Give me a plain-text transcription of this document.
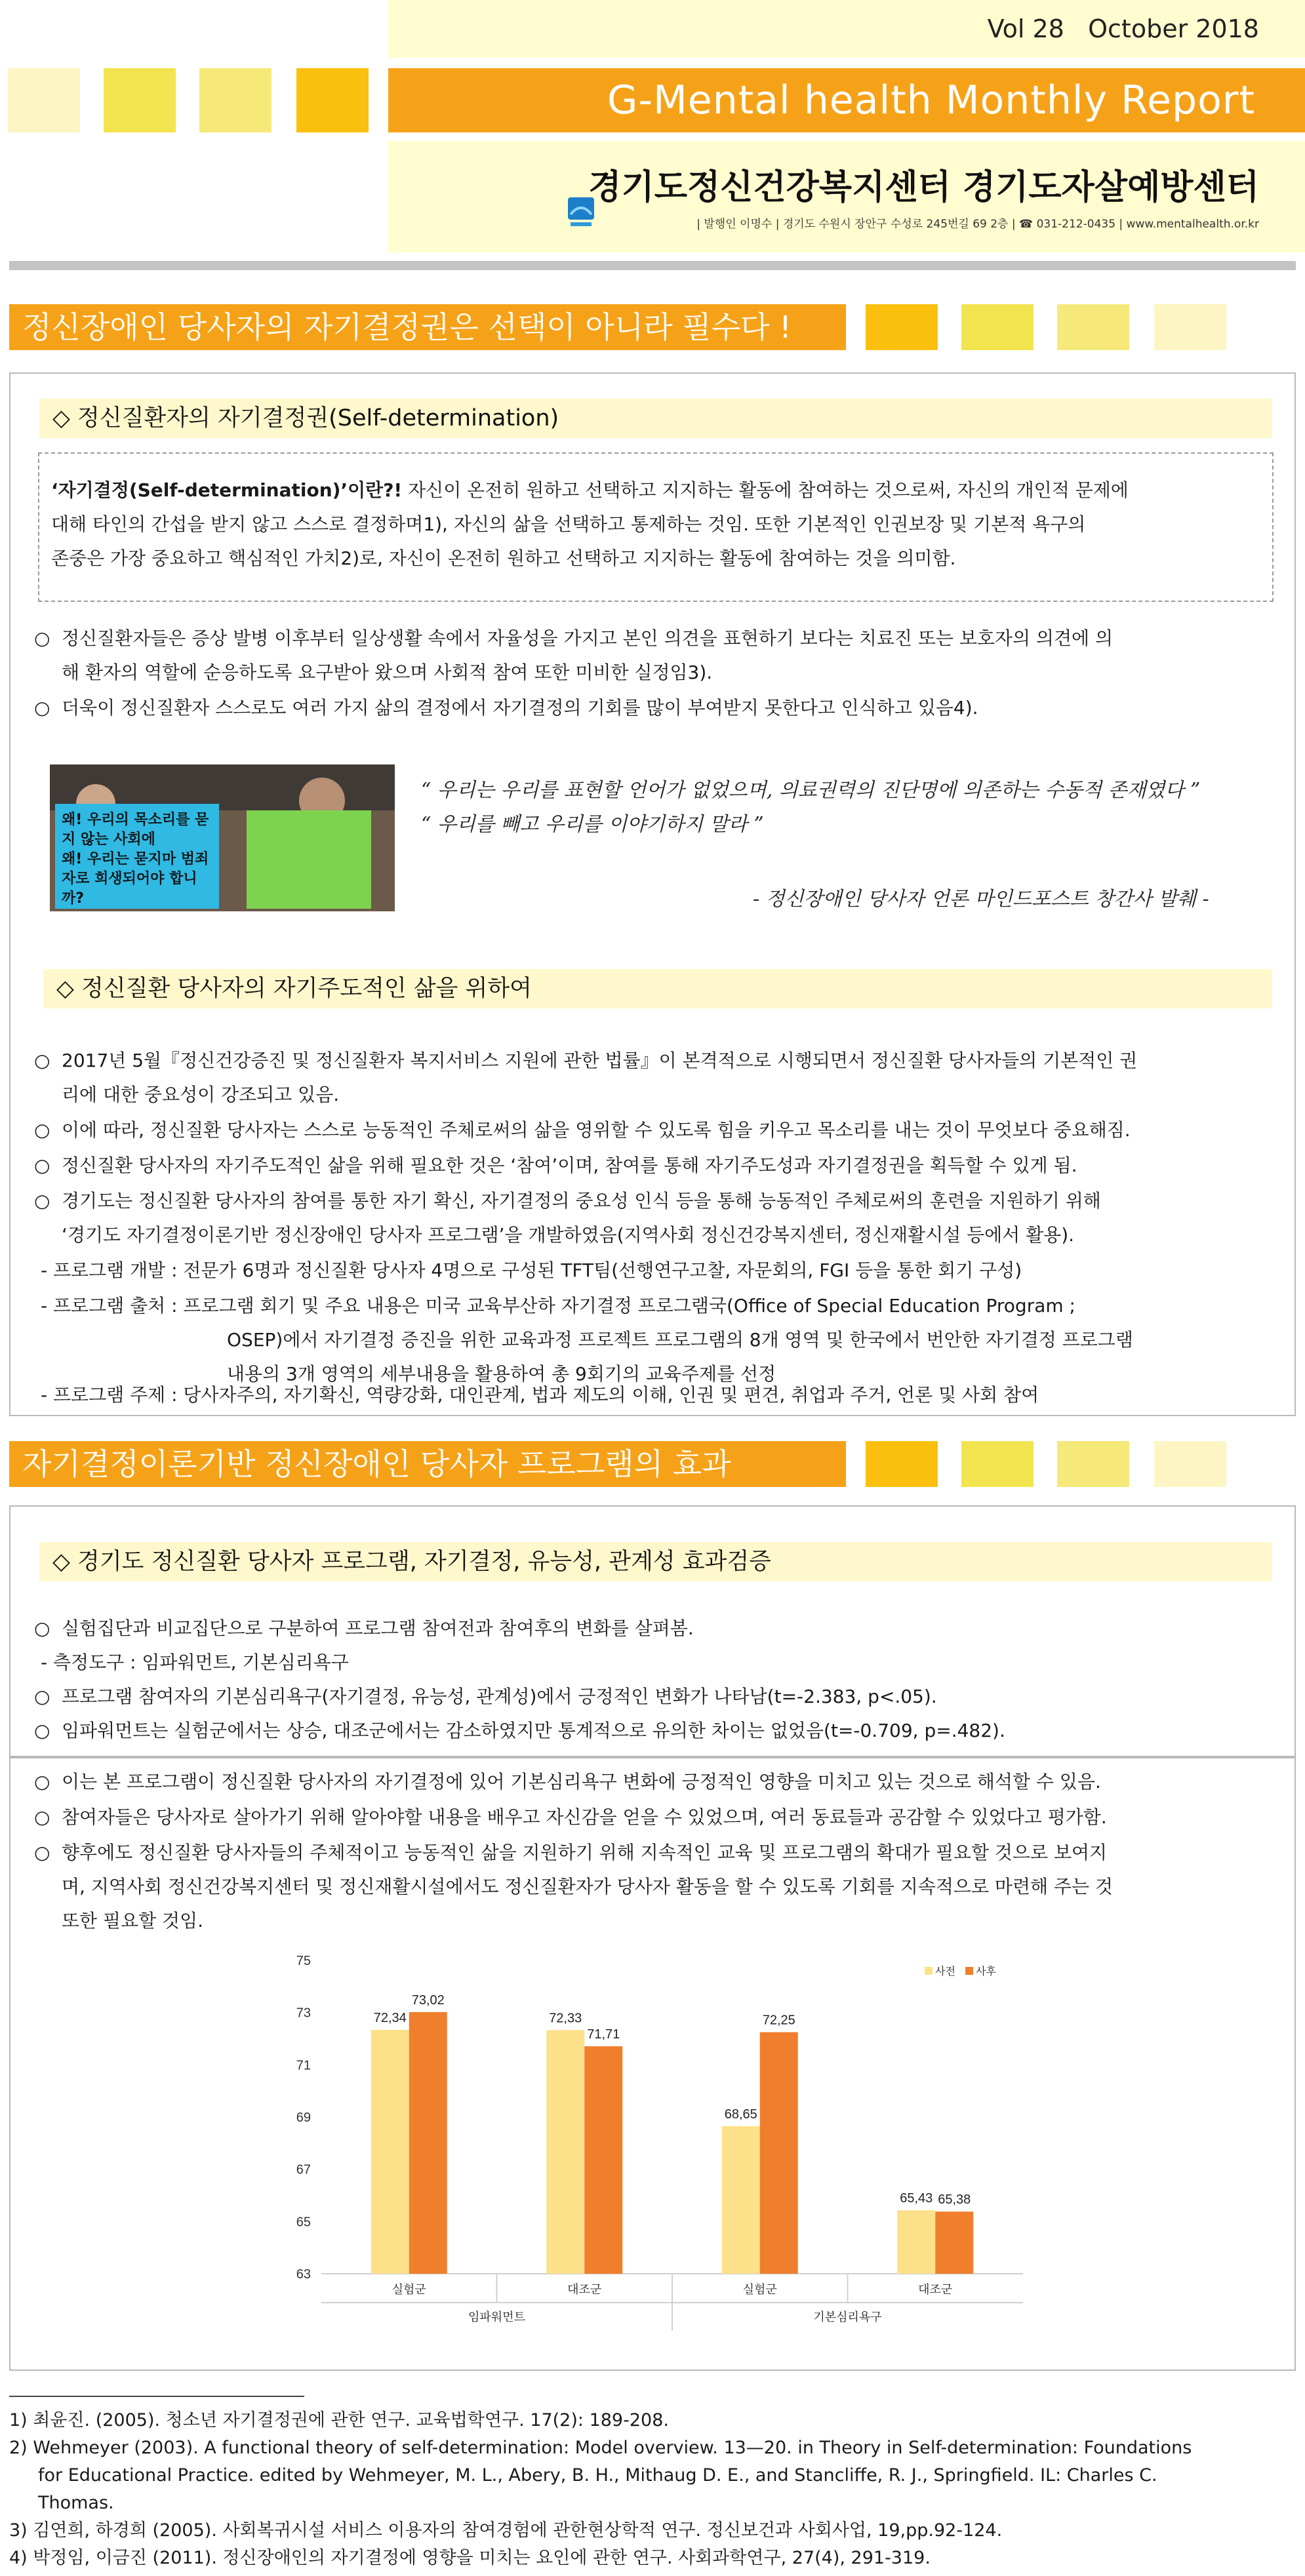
Vol 28 October 2018
G-Mental health Monthly Report
경기도정신건강복지센터 경기도자살예방센터
| 발행인 이명수 | 경기도 수원시 장안구 수성로 245번길 69 2층 | ☎ 031-212-0435 | www.mentalhealth.or.kr
정신장애인 당사자의 자기결정권은 선택이 아니라 필수다 !
◇ 정신질환자의 자기결정권(Self-determination)
‘자기결정(Self-determination)’이란?! 자신이 온전히 원하고 선택하고 지지하는 활동에 참여하는 것으로써, 자신의 개인적 문제에
대해 타인의 간섭을 받지 않고 스스로 결정하며1), 자신의 삶을 선택하고 통제하는 것임. 또한 기본적인 인권보장 및 기본적 욕구의
존중은 가장 중요하고 핵심적인 가치2)로, 자신이 온전히 원하고 선택하고 지지하는 활동에 참여하는 것을 의미함.
○ 정신질환자들은 증상 발병 이후부터 일상생활 속에서 자율성을 가지고 본인 의견을 표현하기 보다는 치료진 또는 보호자의 의견에 의
해 환자의 역할에 순응하도록 요구받아 왔으며 사회적 참여 또한 미비한 실정임3).
○ 더욱이 정신질환자 스스로도 여러 가지 삶의 결정에서 자기결정의 기회를 많이 부여받지 못한다고 인식하고 있음4).
왜! 우리의 목소리를 묻지 않는 사회에
왜! 우리는 묻지마 범죄자로 희생되어야 합니까?
“ 우리는 우리를 표현할 언어가 없었으며, 의료권력의 진단명에 의존하는 수동적 존재였다 ”
“ 우리를 빼고 우리를 이야기하지 말라 ”
- 정신장애인 당사자 언론 마인드포스트 창간사 발췌 -
◇ 정신질환 당사자의 자기주도적인 삶을 위하여
○ 2017년 5월『정신건강증진 및 정신질환자 복지서비스 지원에 관한 법률』이 본격적으로 시행되면서 정신질환 당사자들의 기본적인 권
리에 대한 중요성이 강조되고 있음.
○ 이에 따라, 정신질환 당사자는 스스로 능동적인 주체로써의 삶을 영위할 수 있도록 힘을 키우고 목소리를 내는 것이 무엇보다 중요해짐.
○ 정신질환 당사자의 자기주도적인 삶을 위해 필요한 것은 ‘참여’이며, 참여를 통해 자기주도성과 자기결정권을 획득할 수 있게 됨.
○ 경기도는 정신질환 당사자의 참여를 통한 자기 확신, 자기결정의 중요성 인식 등을 통해 능동적인 주체로써의 훈련을 지원하기 위해
‘경기도 자기결정이론기반 정신장애인 당사자 프로그램’을 개발하였음(지역사회 정신건강복지센터, 정신재활시설 등에서 활용).
- 프로그램 개발 : 전문가 6명과 정신질환 당사자 4명으로 구성된 TFT팀(선행연구고찰, 자문회의, FGI 등을 통한 회기 구성)
- 프로그램 출처 : 프로그램 회기 및 주요 내용은 미국 교육부산하 자기결정 프로그램국(Office of Special Education Program ;
OSEP)에서 자기결정 증진을 위한 교육과정 프로젝트 프로그램의 8개 영역 및 한국에서 번안한 자기결정 프로그램
내용의 3개 영역의 세부내용을 활용하여 총 9회기의 교육주제를 선정
- 프로그램 주제 : 당사자주의, 자기확신, 역량강화, 대인관계, 법과 제도의 이해, 인권 및 편견, 취업과 주거, 언론 및 사회 참여
자기결정이론기반 정신장애인 당사자 프로그램의 효과
◇ 경기도 정신질환 당사자 프로그램, 자기결정, 유능성, 관계성 효과검증
○ 실험집단과 비교집단으로 구분하여 프로그램 참여전과 참여후의 변화를 살펴봄.
- 측정도구 : 임파워먼트, 기본심리욕구
○ 프로그램 참여자의 기본심리욕구(자기결정, 유능성, 관계성)에서 긍정적인 변화가 나타남(t=-2.383, p<.05).
○ 임파워먼트는 실험군에서는 상승, 대조군에서는 감소하였지만 통계적으로 유의한 차이는 없었음(t=-0.709, p=.482).
○ 이는 본 프로그램이 정신질환 당사자의 자기결정에 있어 기본심리욕구 변화에 긍정적인 영향을 미치고 있는 것으로 해석할 수 있음.
○ 참여자들은 당사자로 살아가기 위해 알아야할 내용을 배우고 자신감을 얻을 수 있었으며, 여러 동료들과 공감할 수 있었다고 평가함.
○ 향후에도 정신질환 당사자들의 주체적이고 능동적인 삶을 지원하기 위해 지속적인 교육 및 프로그램의 확대가 필요할 것으로 보여지
며, 지역사회 정신건강복지센터 및 정신재활시설에서도 정신질환자가 당사자 활동을 할 수 있도록 기회를 지속적으로 마련해 주는 것
또한 필요할 것임.
63
65
67
69
71
73
75
72,34
73,02
실험군
72,33
71,71
대조군
68,65
72,25
실험군
65,43 65,38
대조군
임파워먼트	기본심리욕구
사전 사후
1) 최윤진. (2005). 청소년 자기결정권에 관한 연구. 교육법학연구. 17(2): 189-208.
2) Wehmeyer (2003). A functional theory of self-determination: Model overview. 13—20. in Theory in Self-determination: Foundations
for Educational Practice. edited by Wehmeyer, M. L., Abery, B. H., Mithaug D. E., and Stancliffe, R. J., Springfield. IL: Charles C.
Thomas.
3) 김연희, 하경희 (2005). 사회복귀시설 서비스 이용자의 참여경험에 관한현상학적 연구. 정신보건과 사회사업, 19,pp.92-124.
4) 박정임, 이금진 (2011). 정신장애인의 자기결정에 영향을 미치는 요인에 관한 연구. 사회과학연구, 27(4), 291-319.
